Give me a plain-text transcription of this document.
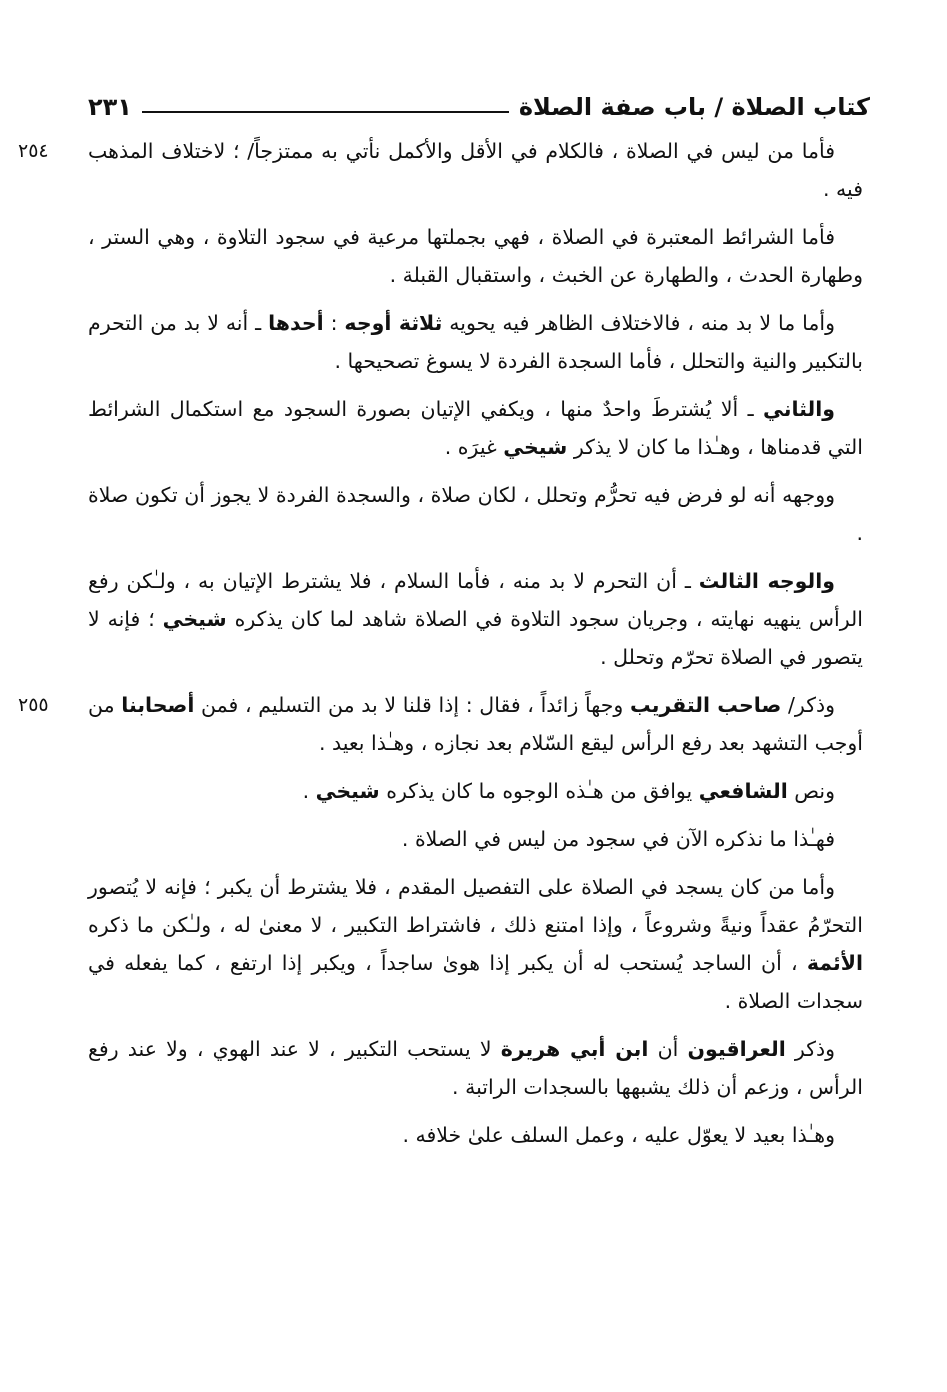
كتاب الصلاة / باب صفة الصلاة
٢٣١

٢٥٤	فأما من ليس في الصلاة ، فالكلام في الأقل والأكمل نأتي به ممتزجاً/ ؛ لاختلاف المذهب فيه .

فأما الشرائط المعتبرة في الصلاة ، فهي بجملتها مرعية في سجود التلاوة ، وهي الستر ، وطهارة الحدث ، والطهارة عن الخبث ، واستقبال القبلة .

وأما ما لا بد منه ، فالاختلاف الظاهر فيه يحويه ثلاثة أوجه : أحدها ـ أنه لا بد من التحرم بالتكبير والنية والتحلل ، فأما السجدة الفردة لا يسوغ تصحيحها .

والثاني ـ ألا يُشترطَ واحدٌ منها ، ويكفي الإتيان بصورة السجود مع استكمال الشرائط التي قدمناها ، وهـٰذا ما كان لا يذكر شيخي غيرَه .

ووجهه أنه لو فرض فيه تحرُّم وتحلل ، لكان صلاة ، والسجدة الفردة لا يجوز أن تكون صلاة .

والوجه الثالث ـ أن التحرم لا بد منه ، فأما السلام ، فلا يشترط الإتيان به ، ولـٰكن رفع الرأس ينهيه نهايته ، وجريان سجود التلاوة في الصلاة شاهد لما كان يذكره شيخي ؛ فإنه لا يتصور في الصلاة تحرّم وتحلل .

٢٥٥	وذكر/ صاحب التقريب وجهاً زائداً ، فقال : إذا قلنا لا بد من التسليم ، فمن أصحابنا من أوجب التشهد بعد رفع الرأس ليقع السّلام بعد نجازه ، وهـٰذا بعيد .

ونص الشافعي يوافق من هـٰذه الوجوه ما كان يذكره شيخي .

فهـٰذا ما نذكره الآن في سجود من ليس في الصلاة .

وأما من كان يسجد في الصلاة على التفصيل المقدم ، فلا يشترط أن يكبر ؛ فإنه لا يُتصور التحرّمُ عقداً ونيةً وشروعاً ، وإذا امتنع ذلك ، فاشتراط التكبير ، لا معنىٰ له ، ولـٰكن ما ذكره الأئمة ، أن الساجد يُستحب له أن يكبر إذا هوىٰ ساجداً ، ويكبر إذا ارتفع ، كما يفعله في سجدات الصلاة .

وذكر العراقيون أن ابن أبي هريرة لا يستحب التكبير ، لا عند الهوي ، ولا عند رفع الرأس ، وزعم أن ذلك يشبهها بالسجدات الراتبة .

وهـٰذا بعيد لا يعوّل عليه ، وعمل السلف علىٰ خلافه .
